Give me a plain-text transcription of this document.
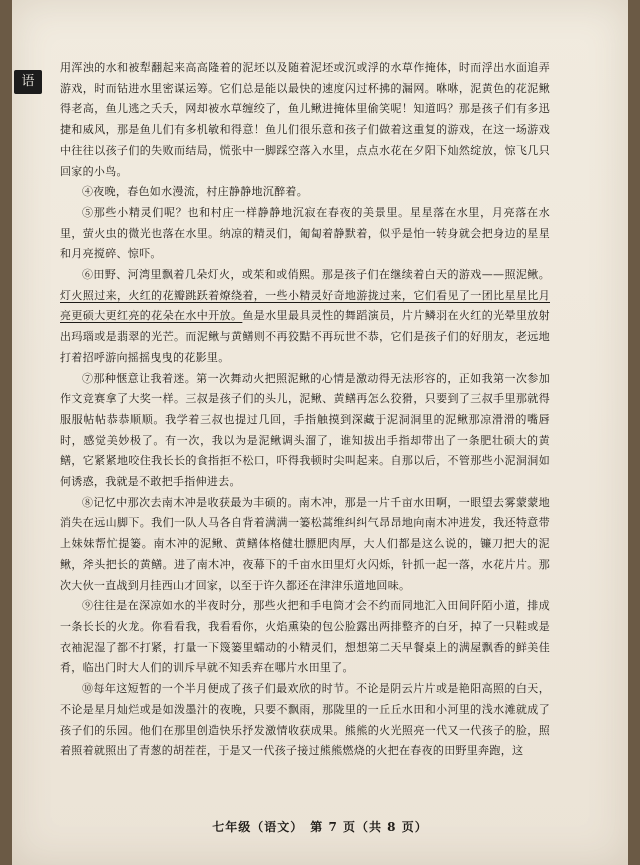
语

用浑浊的水和被犁翻起来高高隆着的泥坯以及随着泥坯或沉或浮的水草作掩体，时而浮出水面追弄游戏，时而钻进水里密谋运筹。它们总是能以最快的速度闪过杯拂的漏网。咻咻，泥黄色的花泥鳅得老高，鱼儿逃之夭夭，网却被水草缠绞了，鱼儿鳅进掩体里偷笑呢！知道吗？那是孩子们有多迅捷和威风，那是鱼儿们有多机敏和得意！鱼儿们很乐意和孩子们做着这重复的游戏，在这一场游戏中往往以孩子们的失败而结局，慌张中一脚踩空落入水里，点点水花在夕阳下灿然绽放，惊飞几只回家的小鸟。

④夜晚，春色如水漫流，村庄静静地沉醉着。

⑤那些小精灵们呢？也和村庄一样静静地沉寂在春夜的美景里。星星落在水里，月亮落在水里，萤火虫的微光也落在水里。纳凉的精灵们，匍匐着静默着，似乎是怕一转身就会把身边的星星和月亮搅碎、惊吓。

⑥田野、河湾里飘着几朵灯火，或茱和或俏熙。那是孩子们在继续着白天的游戏——照泥鳅。灯火照过来，火红的花瓣跳跃着燎绕着，一些小精灵好奇地游拢过来，它们看见了一团比星星比月亮更硕大更红亮的花朵在水中开放。鱼是水里最具灵性的舞蹈演员，片片鳞羽在火红的光晕里放射出玛瑙或是翡翠的光芒。而泥鳅与黄鳝则不再狡黠不再玩世不恭，它们是孩子们的好朋友，老远地打着招呼游向摇摇曳曳的花影里。

⑦那种惬意让我着迷。第一次舞动火把照泥鳅的心情是激动得无法形容的，正如我第一次参加作文竞赛拿了大奖一样。三叔是孩子们的头儿，泥鳅、黄鳝再怎么狡猾，只要到了三叔手里那就得服服帖帖恭恭顺顺。我学着三叔也提过几回，手指触摸到深藏于泥洞洞里的泥鳅那凉滑滑的嘴唇时，感觉美妙极了。有一次，我以为是泥鳅调头溜了，谁知拔出手指却带出了一条肥壮硕大的黄鳝，它紧紧地咬住我长长的食指拒不松口，吓得我顿时尖叫起来。自那以后，不管那些小泥洞洞如何诱惑，我就是不敢把手指伸进去。

⑧记忆中那次去南木冲是收获最为丰硕的。南木冲，那是一片千亩水田啊，一眼望去雾蒙蒙地消失在远山脚下。我们一队人马各自背着满满一篓松蒿维纠纠气昂昂地向南木冲进发，我还特意带上妹妹帮忙提篓。南木冲的泥鳅、黄鳝体格健壮膘肥肉厚，大人们都是这么说的，镰刀把大的泥鳅，斧头把长的黄鳝。进了南木冲，夜幕下的千亩水田里灯火闪烁，针抓一起一落，水花片片。那次大伙一直战到月挂西山才回家，以至于许久都还在津津乐道地回味。

⑨往往是在深凉如水的半夜时分，那些火把和手电筒才会不约而同地汇入田间阡陌小道，排成一条长长的火龙。你看看我，我看看你，火焰熏染的包公脸露出两排整齐的白牙，掉了一只鞋或是衣袖泥湿了都不打紧，打量一下篾篓里蠕动的小精灵们，想想第二天早餐桌上的满屋飘香的鲜美佳肴，临出门时大人们的训斥早就不知丢弃在哪片水田里了。

⑩每年这短暂的一个半月便成了孩子们最欢欣的时节。不论是阴云片片或是艳阳高照的白天，不论是星月灿烂或是如泼墨汁的夜晚，只要不飘雨，那陇里的一丘丘水田和小河里的浅水滩就成了孩子们的乐园。他们在那里创造快乐抒发激情收获成果。熊熊的火光照亮一代又一代孩子的脸，照着照着就照出了青葱的胡茬茬，于是又一代孩子接过熊熊燃烧的火把在春夜的田野里奔跑，这

七年级（语文）　第 7 页（共 8 页）
